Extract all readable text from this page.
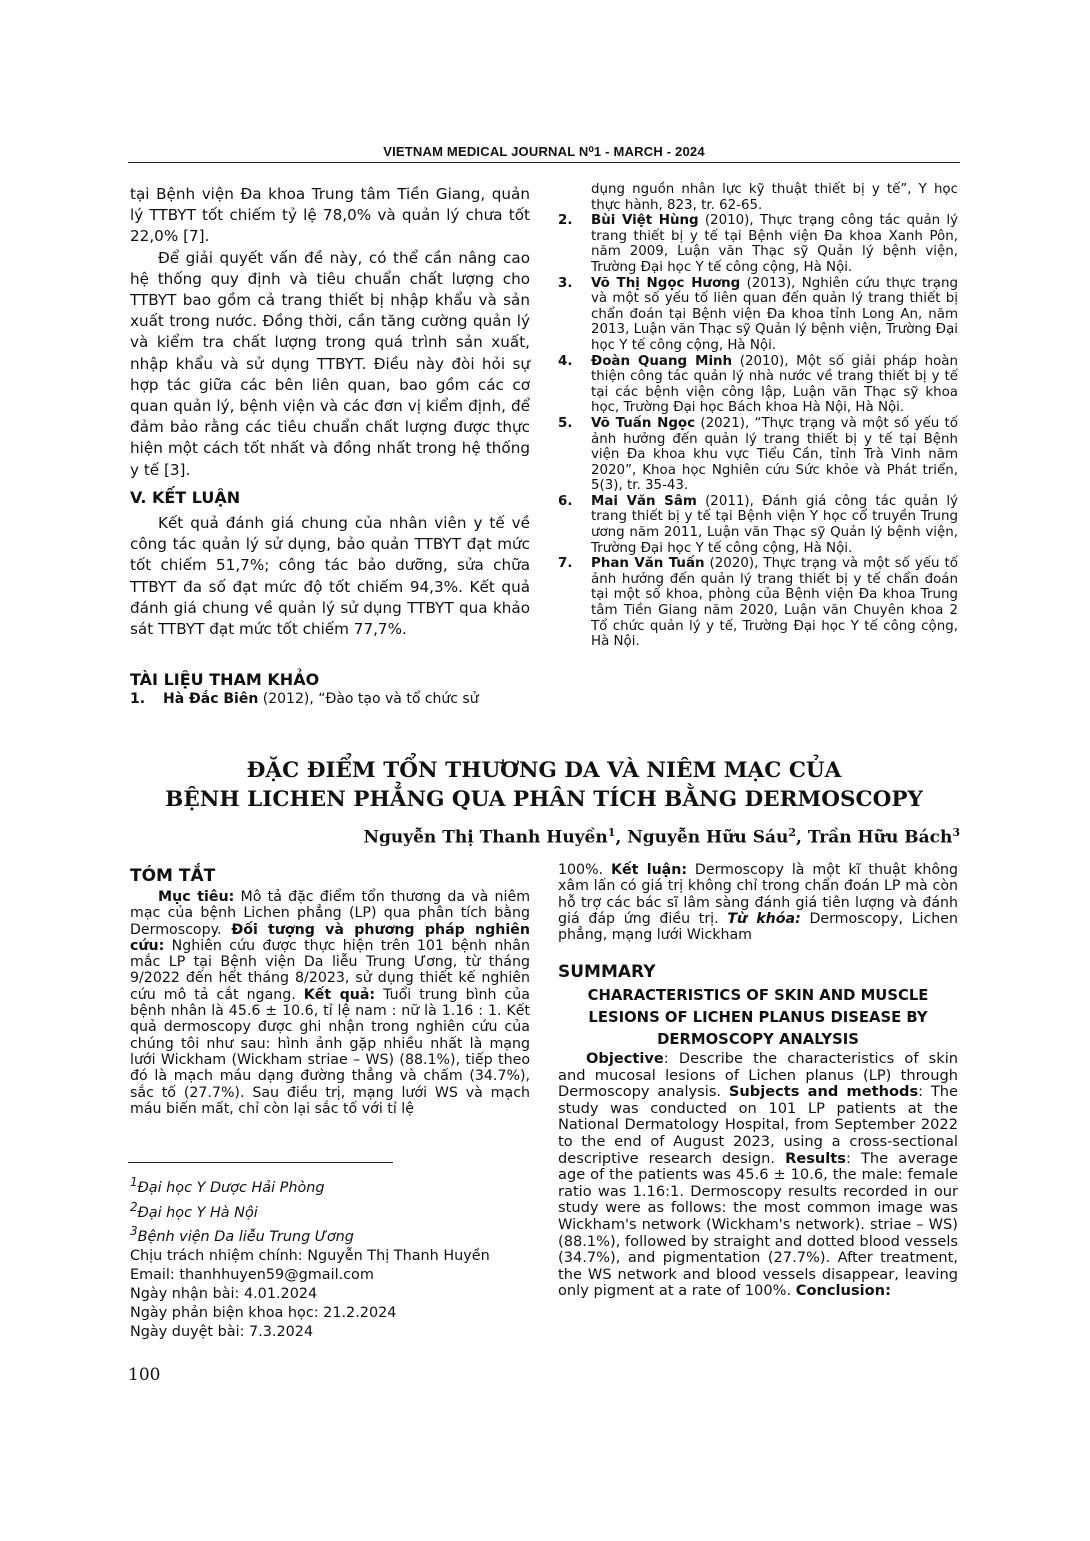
VIETNAM MEDICAL JOURNAL N⁰1 - MARCH - 2024

tại Bệnh viện Đa khoa Trung tâm Tiền Giang, quản lý TTBYT tốt chiếm tỷ lệ 78,0% và quản lý chưa tốt 22,0% [7].

Để giải quyết vấn đề này, có thể cần nâng cao hệ thống quy định và tiêu chuẩn chất lượng cho TTBYT bao gồm cả trang thiết bị nhập khẩu và sản xuất trong nước. Đồng thời, cần tăng cường quản lý và kiểm tra chất lượng trong quá trình sản xuất, nhập khẩu và sử dụng TTBYT. Điều này đòi hỏi sự hợp tác giữa các bên liên quan, bao gồm các cơ quan quản lý, bệnh viện và các đơn vị kiểm định, để đảm bảo rằng các tiêu chuẩn chất lượng được thực hiện một cách tốt nhất và đồng nhất trong hệ thống y tế [3].

V. KẾT LUẬN

Kết quả đánh giá chung của nhân viên y tế về công tác quản lý sử dụng, bảo quản TTBYT đạt mức tốt chiếm 51,7%; công tác bảo dưỡng, sửa chữa TTBYT đa số đạt mức độ tốt chiếm 94,3%. Kết quả đánh giá chung về quản lý sử dụng TTBYT qua khảo sát TTBYT đạt mức tốt chiếm 77,7%.

TÀI LIỆU THAM KHẢO

1. Hà Đắc Biên (2012), “Đào tạo và tổ chức sử

dụng nguồn nhân lực kỹ thuật thiết bị y tế”, Y học thực hành, 823, tr. 62-65.

2. Bùi Việt Hùng (2010), Thực trạng công tác quản lý trang thiết bị y tế tại Bệnh viện Đa khoa Xanh Pôn, năm 2009, Luận văn Thạc sỹ Quản lý bệnh viện, Trường Đại học Y tế công cộng, Hà Nội.

3. Võ Thị Ngọc Hương (2013), Nghiên cứu thực trạng và một số yếu tố liên quan đến quản lý trang thiết bị chẩn đoán tại Bệnh viện Đa khoa tỉnh Long An, năm 2013, Luận văn Thạc sỹ Quản lý bệnh viện, Trường Đại học Y tế công cộng, Hà Nội.

4. Đoàn Quang Minh (2010), Một số giải pháp hoàn thiện công tác quản lý nhà nước về trang thiết bị y tế tại các bệnh viện công lập, Luận văn Thạc sỹ khoa học, Trường Đại học Bách khoa Hà Nội, Hà Nội.

5. Võ Tuấn Ngọc (2021), “Thực trạng và một số yếu tố ảnh hưởng đến quản lý trang thiết bị y tế tại Bệnh viện Đa khoa khu vực Tiểu Cần, tỉnh Trà Vinh năm 2020”, Khoa học Nghiên cứu Sức khỏe và Phát triển, 5(3), tr. 35-43.

6. Mai Văn Sâm (2011), Đánh giá công tác quản lý trang thiết bị y tế tại Bệnh viện Y học cổ truyền Trung ương năm 2011, Luận văn Thạc sỹ Quản lý bệnh viện, Trường Đại học Y tế công cộng, Hà Nội.

7. Phan Văn Tuấn (2020), Thực trạng và một số yếu tố ảnh hưởng đến quản lý trang thiết bị y tế chẩn đoán tại một số khoa, phòng của Bệnh viện Đa khoa Trung tâm Tiền Giang năm 2020, Luận văn Chuyên khoa 2 Tổ chức quản lý y tế, Trường Đại học Y tế công cộng, Hà Nội.

ĐẶC ĐIỂM TỔN THƯƠNG DA VÀ NIÊM MẠC CỦA
BỆNH LICHEN PHẲNG QUA PHÂN TÍCH BẰNG DERMOSCOPY
Nguyễn Thị Thanh Huyền$^1$, Nguyễn Hữu Sáu$^2$, Trần Hữu Bách$^3$
TÓM TẮT

Mục tiêu: Mô tả đặc điểm tổn thương da và niêm mạc của bệnh Lichen phẳng (LP) qua phân tích bằng Dermoscopy. Đối tượng và phương pháp nghiên cứu: Nghiên cứu được thực hiện trên 101 bệnh nhân mắc LP tại Bệnh viện Da liễu Trung Ương, từ tháng 9/2022 đến hết tháng 8/2023, sử dụng thiết kế nghiên cứu mô tả cắt ngang. Kết quả: Tuổi trung bình của bệnh nhân là 45.6 ± 10.6, tỉ lệ nam : nữ là 1.16 : 1. Kết quả dermoscopy được ghi nhận trong nghiên cứu của chúng tôi như sau: hình ảnh gặp nhiều nhất là mạng lưới Wickham (Wickham striae – WS) (88.1%), tiếp theo đó là mạch máu dạng đường thẳng và chấm (34.7%), sắc tố (27.7%). Sau điều trị, mạng lưới WS và mạch máu biến mất, chỉ còn lại sắc tố với tỉ lệ

100%. Kết luận: Dermoscopy là một kĩ thuật không xâm lấn có giá trị không chỉ trong chẩn đoán LP mà còn hỗ trợ các bác sĩ lâm sàng đánh giá tiên lượng và đánh giá đáp ứng điều trị. Từ khóa: Dermoscopy, Lichen phẳng, mạng lưới Wickham

$^1$Đại học Y Dược Hải Phòng

$^2$Đại học Y Hà Nội

$^3$Bệnh viện Da liễu Trung Ương

Chịu trách nhiệm chính: Nguyễn Thị Thanh Huyền

Email: thanhhuyen59@gmail.com

Ngày nhận bài: 4.01.2024

Ngày phản biện khoa học: 21.2.2024

Ngày duyệt bài: 7.3.2024

SUMMARY
CHARACTERISTICS OF SKIN AND MUSCLE
LESIONS OF LICHEN PLANUS DISEASE BY
DERMOSCOPY ANALYSIS

Objective: Describe the characteristics of skin and mucosal lesions of Lichen planus (LP) through Dermoscopy analysis. Subjects and methods: The study was conducted on 101 LP patients at the National Dermatology Hospital, from September 2022 to the end of August 2023, using a cross-sectional descriptive research design. Results: The average age of the patients was 45.6 ± 10.6, the male: female ratio was 1.16:1. Dermoscopy results recorded in our study were as follows: the most common image was Wickham's network (Wickham's network). striae – WS) (88.1%), followed by straight and dotted blood vessels (34.7%), and pigmentation (27.7%). After treatment, the WS network and blood vessels disappear, leaving only pigment at a rate of 100%. Conclusion:

100
